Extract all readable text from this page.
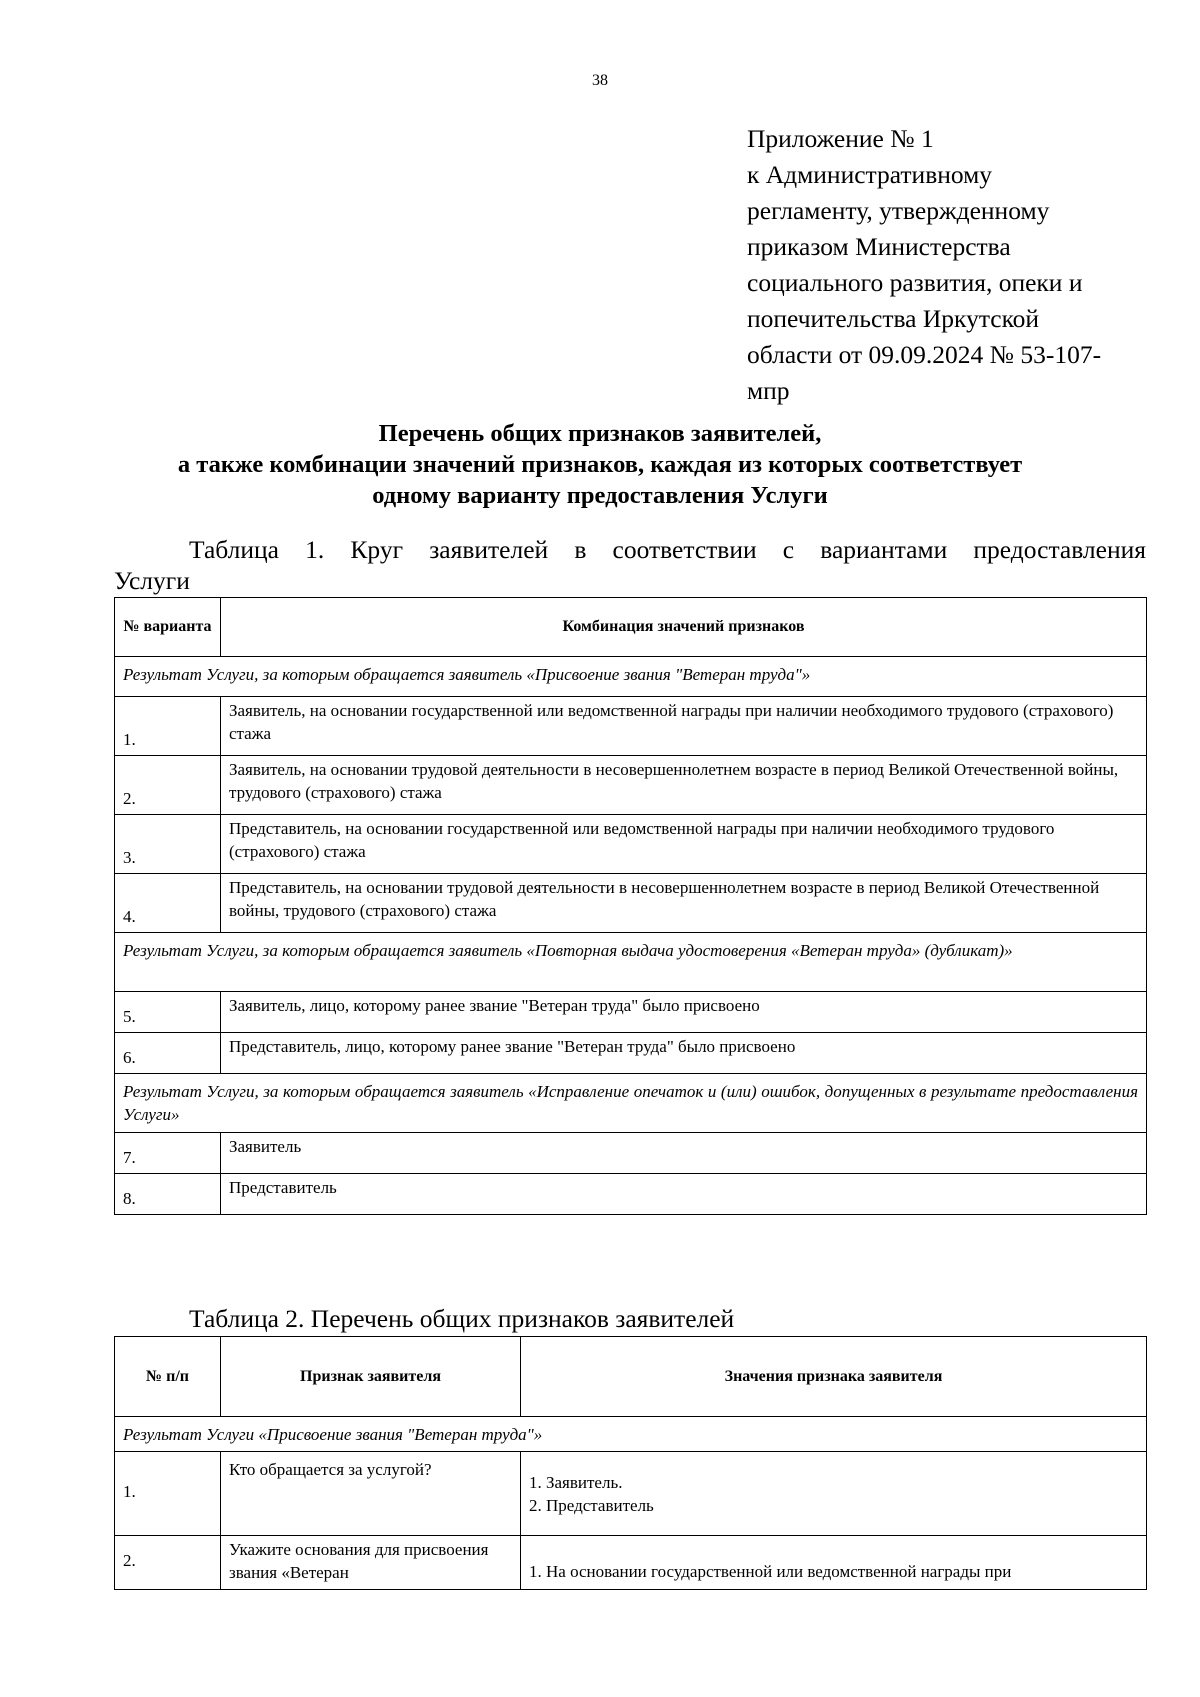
38
Приложение № 1
к Административному
регламенту, утвержденному
приказом Министерства
социального развития, опеки и
попечительства Иркутской
области от 09.09.2024 № 53-107-
мпр
Перечень общих признаков заявителей,
а также комбинации значений признаков, каждая из которых соответствует
одному варианту предоставления Услуги
Таблица 1. Круг заявителей в соответствии с вариантами предоставления
Услуги
№ варианта	Комбинация значений признаков
Результат Услуги, за которым обращается заявитель «Присвоение звания "Ветеран труда"»	
1.	Заявитель, на основании государственной или ведомственной награды при наличии необходимого трудового (страхового) стажа
2.	Заявитель, на основании трудовой деятельности в несовершеннолетнем возрасте в период Великой Отечественной войны, трудового (страхового) стажа
3.	Представитель, на основании государственной или ведомственной награды при наличии необходимого трудового (страхового) стажа
4.	Представитель, на основании трудовой деятельности в несовершеннолетнем возрасте в период Великой Отечественной войны, трудового (страхового) стажа
Результат Услуги, за которым обращается заявитель «Повторная выдача удостоверения «Ветеран труда» (дубликат)»	
5.	Заявитель, лицо, которому ранее звание "Ветеран труда" было присвоено
6.	Представитель, лицо, которому ранее звание "Ветеран труда" было присвоено
Результат Услуги, за которым обращается заявитель «Исправление опечаток и (или) ошибок, допущенных в результате предоставления Услуги»	
7.	Заявитель
8.	Представитель
Таблица 2. Перечень общих признаков заявителей
№ п/п	Признак заявителя	Значения признака заявителя
Результат Услуги «Присвоение звания "Ветеран труда"»		
1.	Кто обращается за услугой?	1. Заявитель.
2. Представитель

2.	Укажите основания для присвоения звания «Ветеран	1. На основании государственной или ведомственной награды при
